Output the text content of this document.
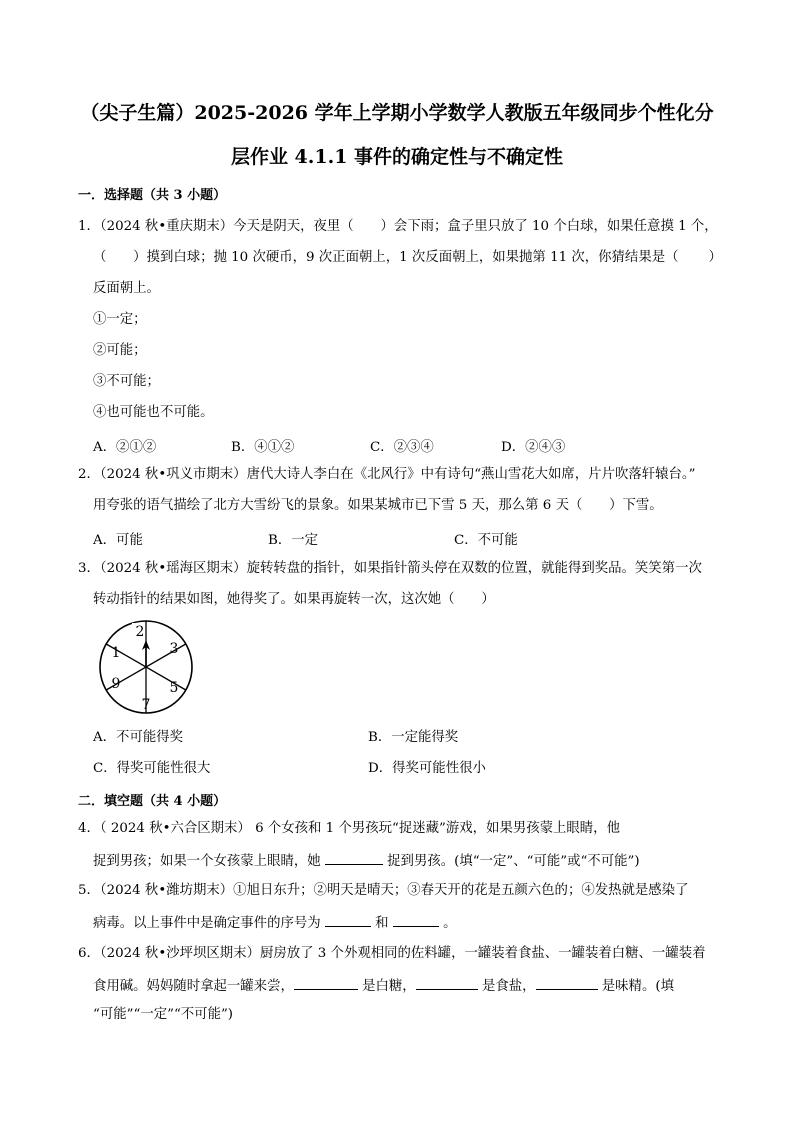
（尖子生篇）2025-2026 学年上学期小学数学人教版五年级同步个性化分
层作业 4.1.1 事件的确定性与不确定性
一．选择题（共 3 小题）
1．（2024 秋•重庆期末）今天是阴天，夜里（　　）会下雨；盒子里只放了 10 个白球，如果任意摸 1 个，
（　　）摸到白球；抛 10 次硬币，9 次正面朝上，1 次反面朝上，如果抛第 11 次，你猜结果是（ ）
反面朝上。
①一定；
②可能；
③不可能；
④也可能也不可能。
A．②①②	B．④①②	C．②③④	D．②④③
2．（2024 秋•巩义市期末）唐代大诗人李白在《北风行》中有诗句“燕山雪花大如席，片片吹落轩辕台。”
用夸张的语气描绘了北方大雪纷飞的景象。如果某城市已下雪 5 天，那么第 6 天（　　）下雪。
A．可能	B．一定	C．不可能
3．（2024 秋•瑶海区期末）旋转转盘的指针，如果指针箭头停在双数的位置，就能得到奖品。笑笑第一次
转动指针的结果如图，她得奖了。如果再旋转一次，这次她（　　）
2
3
5
7
9
1
A．不可能得奖	B．一定能得奖
C．得奖可能性很大	D．得奖可能性很小
二．填空题（共 4 小题）
4．（ 2024 秋•六合区期末） 6 个女孩和 1 个男孩玩“捉迷藏”游戏，如果男孩蒙上眼睛，他
捉到男孩；如果一个女孩蒙上眼睛，她	捉到男孩。(填“一定”、“可能”或“不可能”)
5．（2024 秋•潍坊期末）①旭日东升；②明天是晴天；③春天开的花是五颜六色的；④发热就是感染了
病毒。以上事件中是确定事件的序号为	和	。
6．（2024 秋•沙坪坝区期末）厨房放了 3 个外观相同的佐料罐，一罐装着食盐、一罐装着白糖、一罐装着
食用碱。妈妈随时拿起一罐来尝，	是白糖，	是食盐，	是味精。(填
“可能”“一定”“不可能”)
